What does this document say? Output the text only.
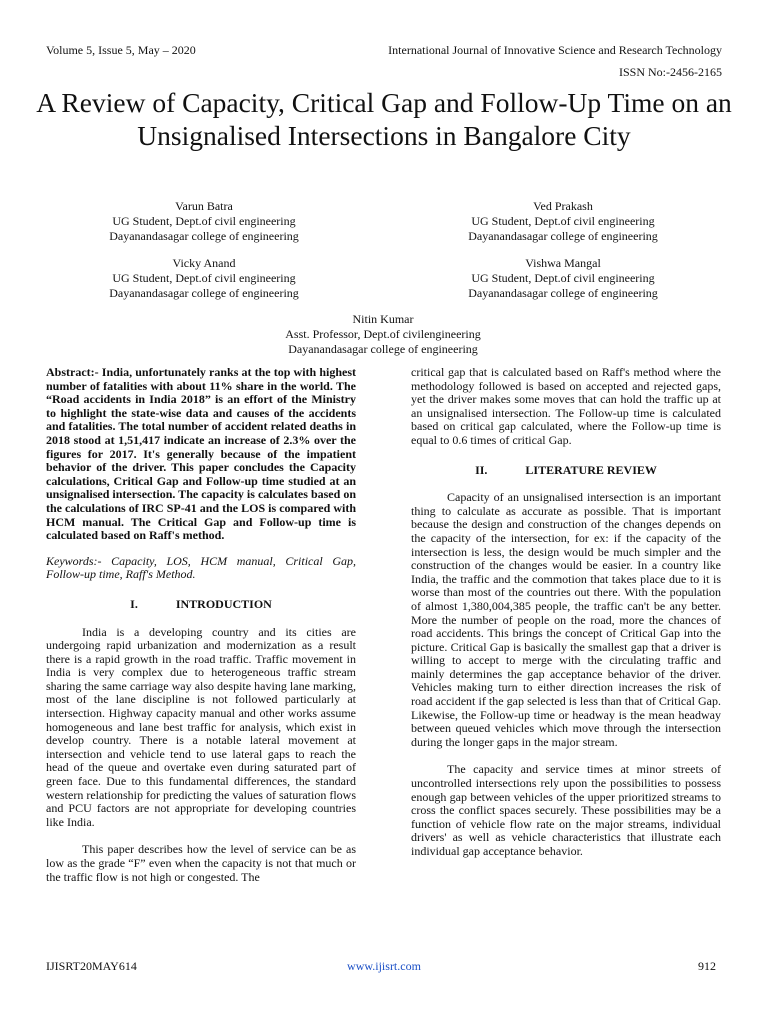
Volume 5, Issue 5, May – 2020	International Journal of Innovative Science and Research Technology
ISSN No:-2456-2165
A Review of Capacity, Critical Gap and Follow-Up Time on an Unsignalised Intersections in Bangalore City
Varun Batra
UG Student, Dept.of civil engineering
Dayanandasagar college of engineering
Ved Prakash
UG Student, Dept.of civil engineering
Dayanandasagar college of engineering
Vicky Anand
UG Student, Dept.of civil engineering
Dayanandasagar college of engineering
Vishwa Mangal
UG Student, Dept.of civil engineering
Dayanandasagar college of engineering
Nitin Kumar
Asst. Professor, Dept.of civilengineering
Dayanandasagar college of engineering

Abstract:- India, unfortunately ranks at the top with highest number of fatalities with about 11% share in the world. The “Road accidents in India 2018” is an effort of the Ministry to highlight the state-wise data and causes of the accidents and fatalities. The total number of accident related deaths in 2018 stood at 1,51,417 indicate an increase of 2.3% over the figures for 2017. It's generally because of the impatient behavior of the driver. This paper concludes the Capacity calculations, Critical Gap and Follow-up time studied at an unsignalised intersection. The capacity is calculates based on the calculations of IRC SP-41 and the LOS is compared with HCM manual. The Critical Gap and Follow-up time is calculated based on Raff's method.

Keywords:- Capacity, LOS, HCM manual, Critical Gap, Follow-up time, Raff's Method.

I.	INTRODUCTION

India is a developing country and its cities are undergoing rapid urbanization and modernization as a result there is a rapid growth in the road traffic. Traffic movement in India is very complex due to heterogeneous traffic stream sharing the same carriage way also despite having lane marking, most of the lane discipline is not followed particularly at intersection. Highway capacity manual and other works assume homogeneous and lane best traffic for analysis, which exist in develop country. There is a notable lateral movement at intersection and vehicle tend to use lateral gaps to reach the head of the queue and overtake even during saturated part of green face. Due to this fundamental differences, the standard western relationship for predicting the values of saturation flows and PCU factors are not appropriate for developing countries like India.

This paper describes how the level of service can be as low as the grade “F” even when the capacity is not that much or the traffic flow is not high or congested. The

critical gap that is calculated based on Raff's method where the methodology followed is based on accepted and rejected gaps, yet the driver makes some moves that can hold the traffic up at an unsignalised intersection. The Follow-up time is calculated based on critical gap calculated, where the Follow-up time is equal to 0.6 times of critical Gap.

II.	LITERATURE REVIEW

Capacity of an unsignalised intersection is an important thing to calculate as accurate as possible. That is important because the design and construction of the changes depends on the capacity of the intersection, for ex: if the capacity of the intersection is less, the design would be much simpler and the construction of the changes would be easier. In a country like India, the traffic and the commotion that takes place due to it is worse than most of the countries out there. With the population of almost 1,380,004,385 people, the traffic can't be any better. More the number of people on the road, more the chances of road accidents. This brings the concept of Critical Gap into the picture. Critical Gap is basically the smallest gap that a driver is willing to accept to merge with the circulating traffic and mainly determines the gap acceptance behavior of the driver. Vehicles making turn to either direction increases the risk of road accident if the gap selected is less than that of Critical Gap. Likewise, the Follow-up time or headway is the mean headway between queued vehicles which move through the intersection during the longer gaps in the major stream.

The capacity and service times at minor streets of uncontrolled intersections rely upon the possibilities to possess enough gap between vehicles of the upper prioritized streams to cross the conflict spaces securely. These possibilities may be a function of vehicle flow rate on the major streams, individual drivers' as well as vehicle characteristics that illustrate each individual gap acceptance behavior.

IJISRT20MAY614	www.ijisrt.com	912
